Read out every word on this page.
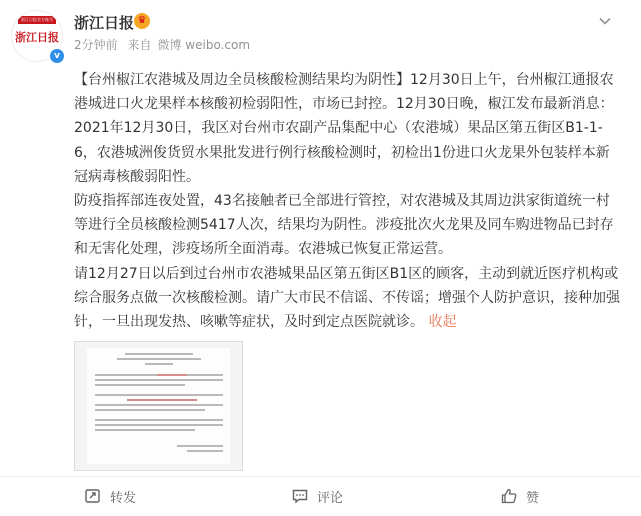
浙江日报官方账号
浙江日报
v
浙江日报 ♛
2分钟前 来自 微博 weibo.com

【台州椒江农港城及周边全员核酸检测结果均为阴性】12月30日上午，台州椒江通报农港城进口火龙果样本核酸初检弱阳性，市场已封控。12月30日晚，椒江发布最新消息：2021年12月30日，我区对台州市农副产品集配中心（农港城）果品区第五街区B1-1-6，农港城洲俊货贸水果批发进行例行核酸检测时，初检出1份进口火龙果外包装样本新冠病毒核酸弱阳性。

防疫指挥部连夜处置，43名接触者已全部进行管控，对农港城及其周边洪家街道统一村等进行全员核酸检测5417人次，结果均为阴性。涉疫批次火龙果及同车购进物品已封存和无害化处理，涉疫场所全面消毒。农港城已恢复正常运营。

请12月27日以后到过台州市农港城果品区第五街区B1区的顾客，主动到就近医疗机构或综合服务点做一次核酸检测。请广大市民不信谣、不传谣；增强个人防护意识，接种加强针，一旦出现发热、咳嗽等症状，及时到定点医院就诊。 收起

转发	评论	赞
